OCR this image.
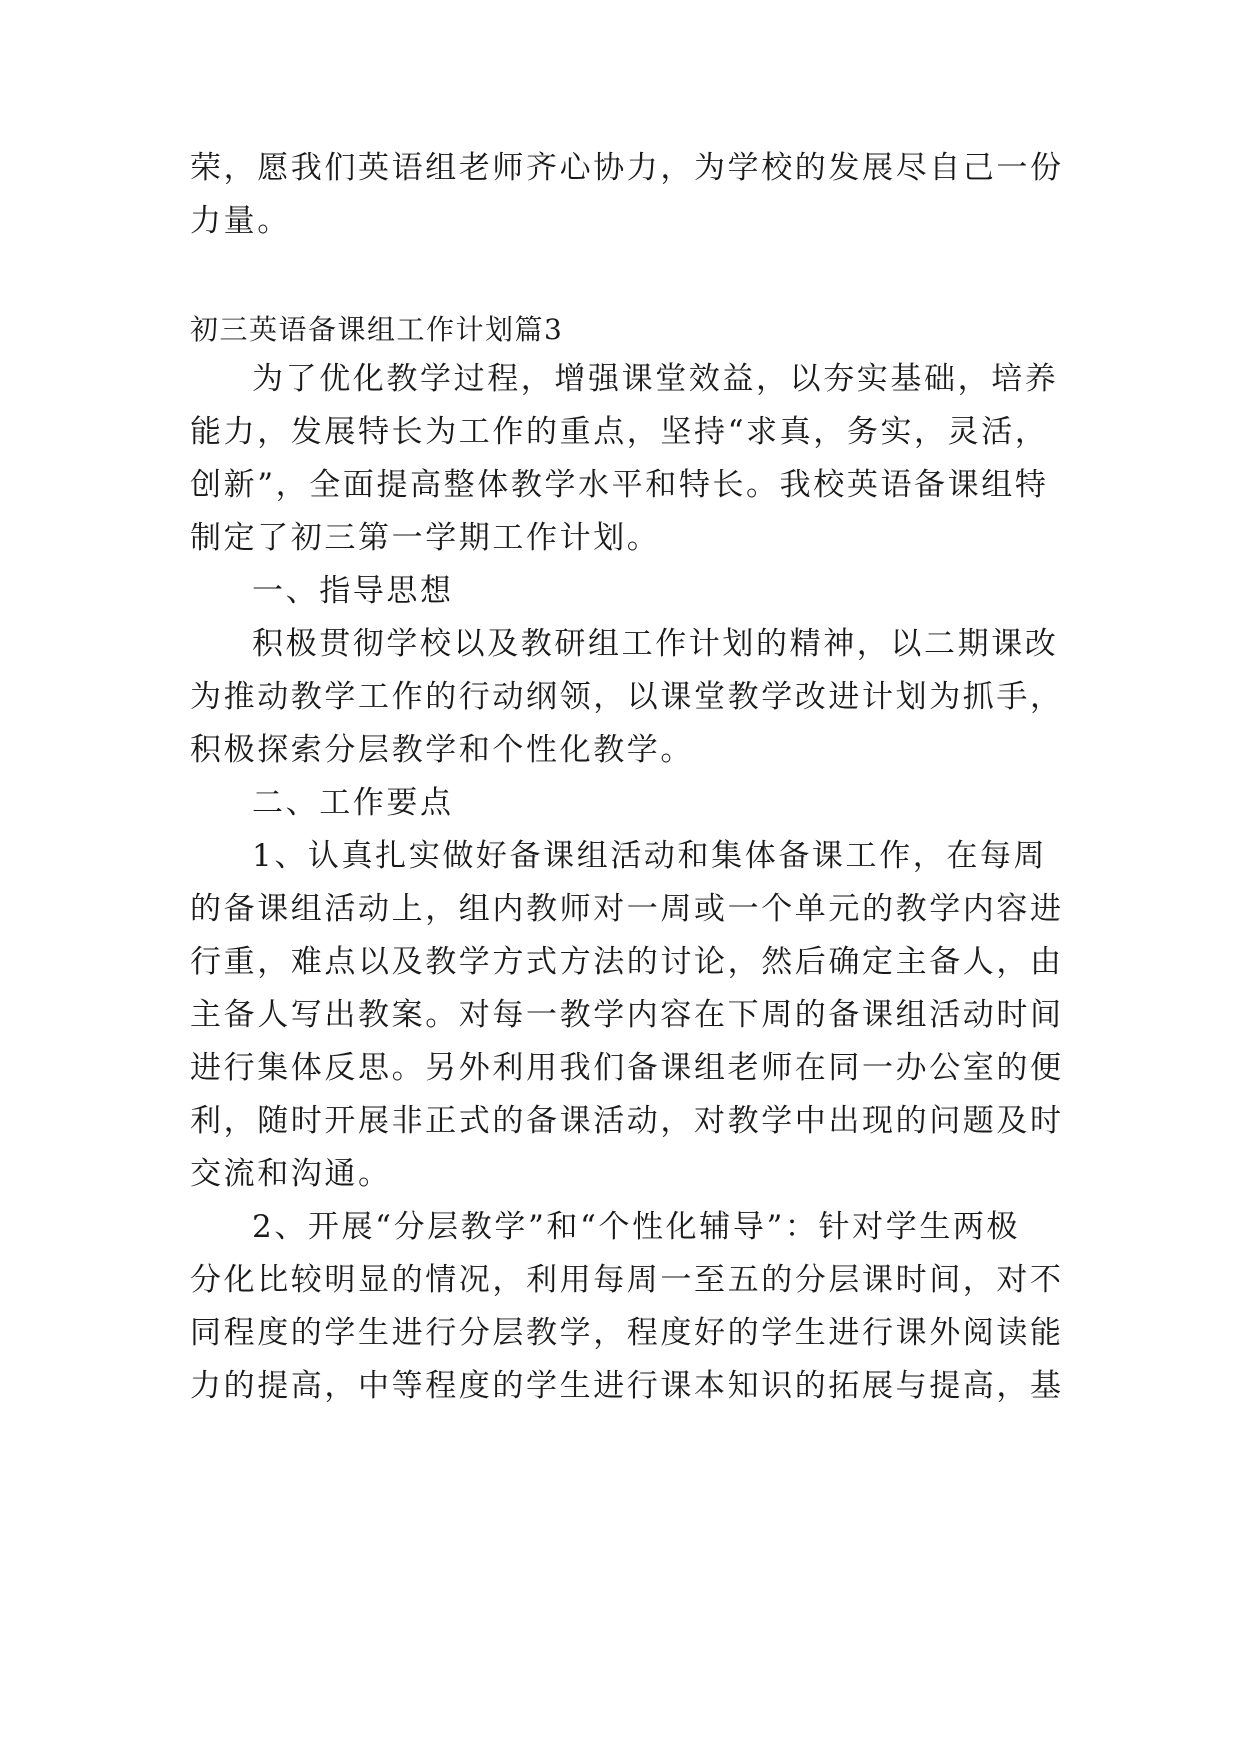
荣，愿我们英语组老师齐心协力，为学校的发展尽自己一份
力量。
初三英语备课组工作计划篇3
为了优化教学过程，增强课堂效益，以夯实基础，培养
能力，发展特长为工作的重点，坚持“求真，务实，灵活，
创新”，全面提高整体教学水平和特长。我校英语备课组特
制定了初三第一学期工作计划。
一、指导思想
积极贯彻学校以及教研组工作计划的精神，以二期课改
为推动教学工作的行动纲领，以课堂教学改进计划为抓手，
积极探索分层教学和个性化教学。
二、工作要点
1、认真扎实做好备课组活动和集体备课工作，在每周
的备课组活动上，组内教师对一周或一个单元的教学内容进
行重，难点以及教学方式方法的讨论，然后确定主备人，由
主备人写出教案。对每一教学内容在下周的备课组活动时间
进行集体反思。另外利用我们备课组老师在同一办公室的便
利，随时开展非正式的备课活动，对教学中出现的问题及时
交流和沟通。
2、开展“分层教学”和“个性化辅导”：针对学生两极
分化比较明显的情况，利用每周一至五的分层课时间，对不
同程度的学生进行分层教学，程度好的学生进行课外阅读能
力的提高，中等程度的学生进行课本知识的拓展与提高，基
